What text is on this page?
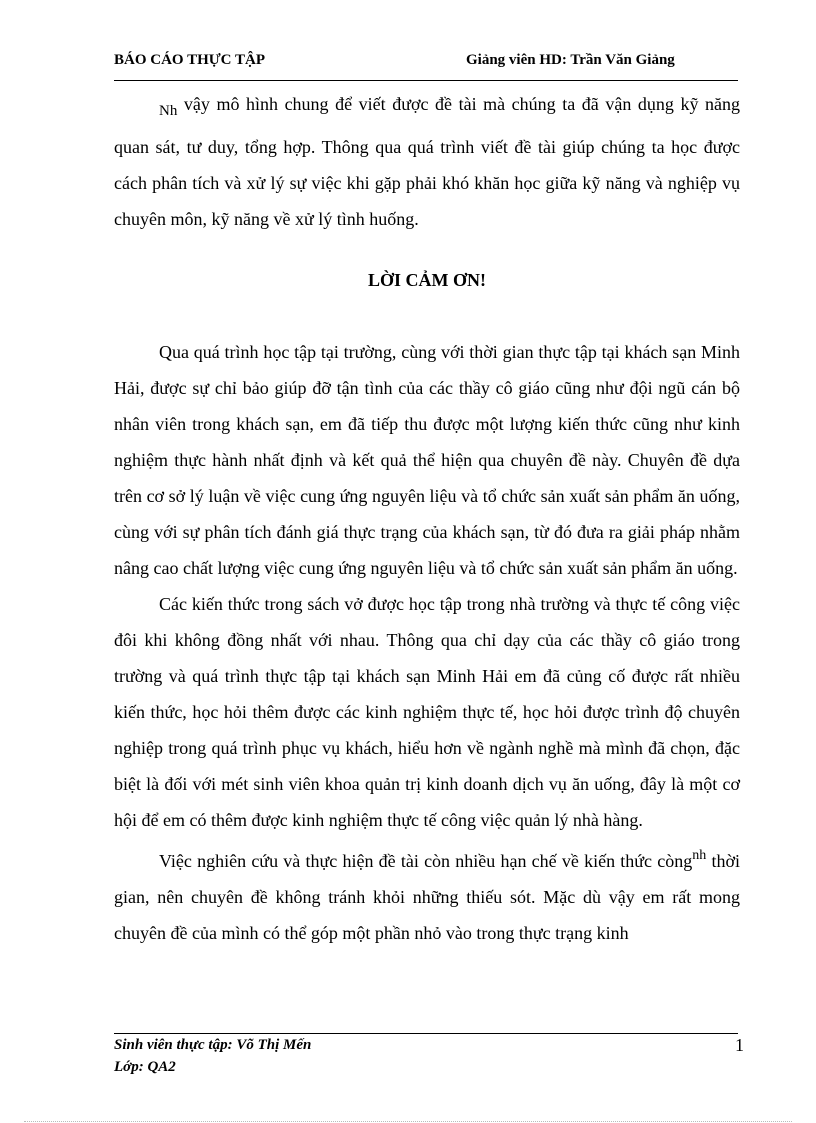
BÁO CÁO THỰC TẬP	Giảng viên HD: Trần Văn Giảng

$_{Nh}$ vậy mô hình chung để viết được đề tài mà chúng ta đã vận dụng kỹ năng quan sát, tư duy, tổng hợp. Thông qua quá trình viết đề tài giúp chúng ta học được cách phân tích và xử lý sự việc khi gặp phải khó khăn học giữa kỹ năng và nghiệp vụ chuyên môn, kỹ năng về xử lý tình huống.

LỜI CẢM ƠN!

Qua quá trình học tập tại trường, cùng với thời gian thực tập tại khách sạn Minh Hải, được sự chỉ bảo giúp đỡ tận tình của các thầy cô giáo cũng như đội ngũ cán bộ nhân viên trong khách sạn, em đã tiếp thu được một lượng kiến thức cũng như kinh nghiệm thực hành nhất định và kết quả thể hiện qua chuyên đề này. Chuyên đề dựa trên cơ sở lý luận về việc cung ứng nguyên liệu và tổ chức sản xuất sản phẩm ăn uống, cùng với sự phân tích đánh giá thực trạng của khách sạn, từ đó đưa ra giải pháp nhằm nâng cao chất lượng việc cung ứng nguyên liệu và tổ chức sản xuất sản phẩm ăn uống.

Các kiến thức trong sách vở được học tập trong nhà trường và thực tế công việc đôi khi không đồng nhất với nhau. Thông qua chỉ dạy của các thầy cô giáo trong trường và quá trình thực tập tại khách sạn Minh Hải em đã củng cố được rất nhiều kiến thức, học hỏi thêm được các kinh nghiệm thực tế, học hỏi được trình độ chuyên nghiệp trong quá trình phục vụ khách, hiểu hơn về ngành nghề mà mình đã chọn, đặc biệt là đối với mét sinh viên khoa quản trị kinh doanh dịch vụ ăn uống, đây là một cơ hội để em có thêm được kinh nghiệm thực tế công việc quản lý nhà hàng.

Việc nghiên cứu và thực hiện đề tài còn nhiều hạn chế về kiến thức còng$^{nh}$ thời gian, nên chuyên đề không tránh khỏi những thiếu sót. Mặc dù vậy em rất mong chuyên đề của mình có thể góp một phần nhỏ vào trong thực trạng kinh

Sinh viên thực tập: Võ Thị Mến
Lớp: QA2
1
